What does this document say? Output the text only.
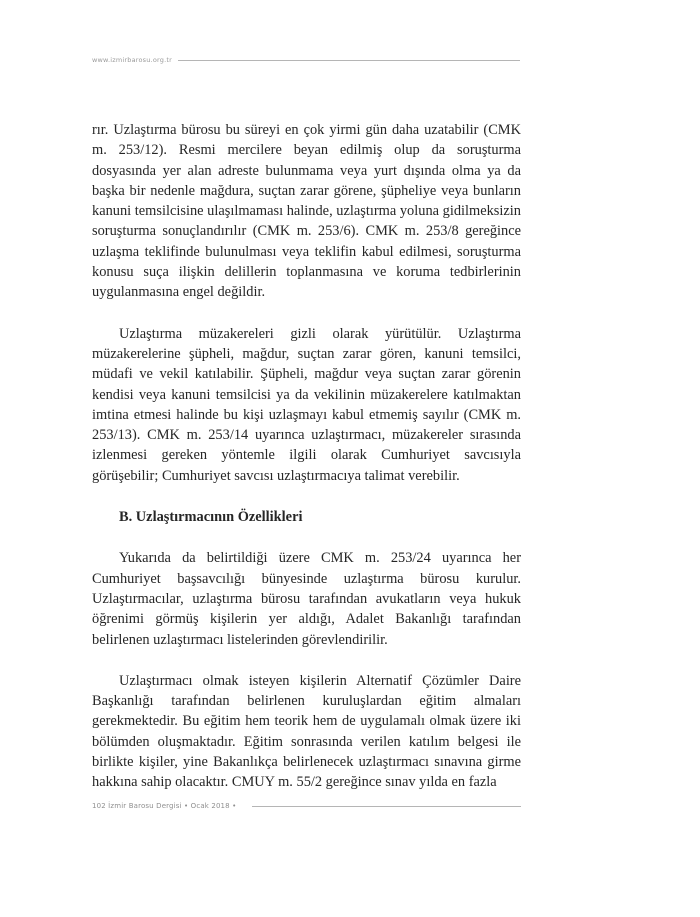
www.izmirbarosu.org.tr

rır. Uzlaştırma bürosu bu süreyi en çok yirmi gün daha uzatabilir (CMK m. 253/12). Resmi mercilere beyan edilmiş olup da soruşturma dosyasında yer alan adreste bulunmama veya yurt dışında olma ya da başka bir nedenle mağdura, suçtan zarar görene, şüpheliye veya bunların kanuni temsilcisine ulaşılmaması halinde, uzlaştırma yoluna gidilmeksizin soruşturma sonuçlandırılır (CMK m. 253/6). CMK m. 253/8 gereğince uzlaşma teklifinde bulunulması veya teklifin kabul edilmesi, soruşturma konusu suça ilişkin delillerin toplanmasına ve koruma tedbirlerinin uygulanmasına engel değildir.

Uzlaştırma müzakereleri gizli olarak yürütülür. Uzlaştırma müzakerelerine şüpheli, mağdur, suçtan zarar gören, kanuni temsilci, müdafi ve vekil katılabilir. Şüpheli, mağdur veya suçtan zarar görenin kendisi veya kanuni temsilcisi ya da vekilinin müzakerelere katılmaktan imtina etmesi halinde bu kişi uzlaşmayı kabul etmemiş sayılır (CMK m. 253/13). CMK m. 253/14 uyarınca uzlaştırmacı, müzakereler sırasında izlenmesi gereken yöntemle ilgili olarak Cumhuriyet savcısıyla görüşebilir; Cumhuriyet savcısı uzlaştırmacıya talimat verebilir.

B. Uzlaştırmacının Özellikleri

Yukarıda da belirtildiği üzere CMK m. 253/24 uyarınca her Cumhuriyet başsavcılığı bünyesinde uzlaştırma bürosu kurulur. Uzlaştırmacılar, uzlaştırma bürosu tarafından avukatların veya hukuk öğrenimi görmüş kişilerin yer aldığı, Adalet Bakanlığı tarafından belirlenen uzlaştırmacı listelerinden görevlendirilir.

Uzlaştırmacı olmak isteyen kişilerin Alternatif Çözümler Daire Başkanlığı tarafından belirlenen kuruluşlardan eğitim almaları gerekmektedir. Bu eğitim hem teorik hem de uygulamalı olmak üzere iki bölümden oluşmaktadır. Eğitim sonrasında verilen katılım belgesi ile birlikte kişiler, yine Bakanlıkça belirlenecek uzlaştırmacı sınavına girme hakkına sahip olacaktır. CMUY m. 55/2 gereğince sınav yılda en fazla

102 İzmir Barosu Dergisi • Ocak 2018 •
